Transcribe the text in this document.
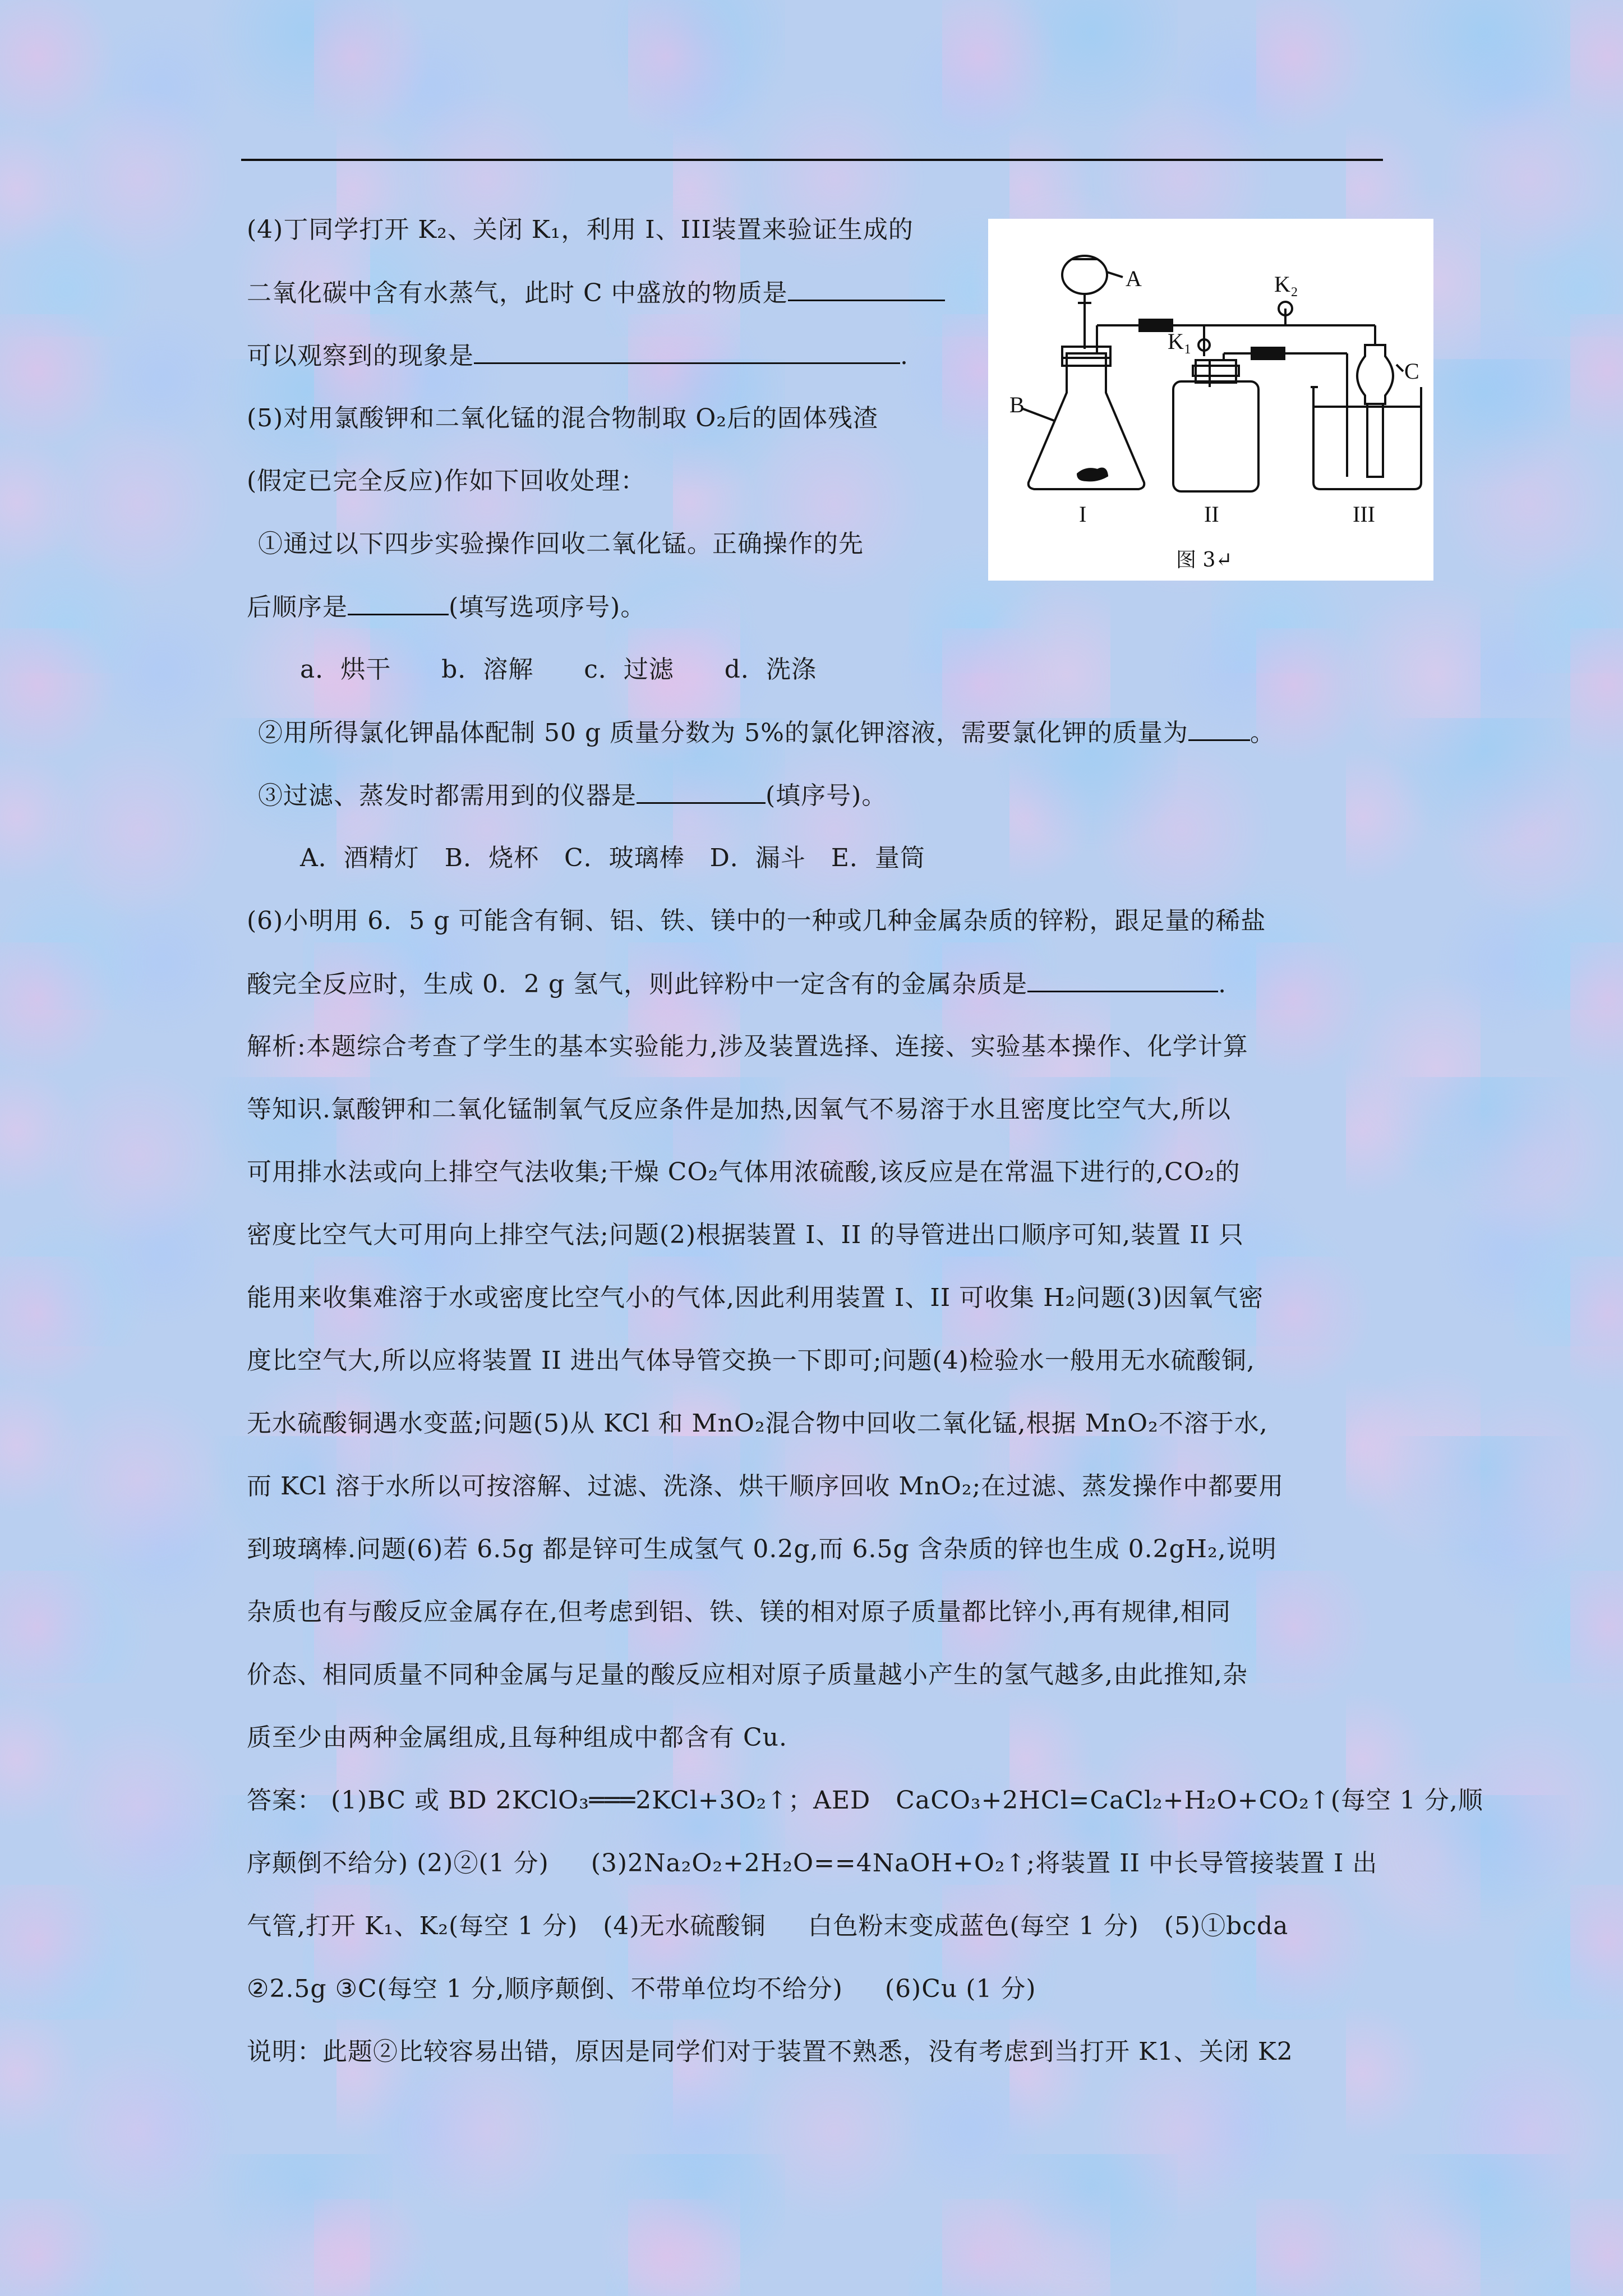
A
B
C
K₁
K₂
I	II	III
图 3↵
(4)丁同学打开 K₂、关闭 K₁，利用 I、III装置来验证生成的
二氧化碳中含有水蒸气，此时 C 中盛放的物质是
可以观察到的现象是	.
(5)对用氯酸钾和二氧化锰的混合物制取 O₂后的固体残渣
(假定已完全反应)作如下回收处理：
①通过以下四步实验操作回收二氧化锰。正确操作的先
后顺序是	(填写选项序号)。
a．烘干      b．溶解      c．过滤      d．洗涤
②用所得氯化钾晶体配制 50 g 质量分数为 5%的氯化钾溶液，需要氯化钾的质量为	。
③过滤、蒸发时都需用到的仪器是	(填序号)。
A．酒精灯   B．烧杯   C．玻璃棒   D．漏斗   E．量筒
(6)小明用 6．5 g 可能含有铜、铝、铁、镁中的一种或几种金属杂质的锌粉，跟足量的稀盐
酸完全反应时，生成 0．2 g 氢气，则此锌粉中一定含有的金属杂质是	.
解析:本题综合考查了学生的基本实验能力,涉及装置选择、连接、实验基本操作、化学计算
等知识.氯酸钾和二氧化锰制氧气反应条件是加热,因氧气不易溶于水且密度比空气大,所以
可用排水法或向上排空气法收集;干燥 CO₂气体用浓硫酸,该反应是在常温下进行的,CO₂的
密度比空气大可用向上排空气法;问题(2)根据装置 I、II 的导管进出口顺序可知,装置 II 只
能用来收集难溶于水或密度比空气小的气体,因此利用装置 I、II 可收集 H₂问题(3)因氧气密
度比空气大,所以应将装置 II 进出气体导管交换一下即可;问题(4)检验水一般用无水硫酸铜,
无水硫酸铜遇水变蓝;问题(5)从 KCl 和 MnO₂混合物中回收二氧化锰,根据 MnO₂不溶于水,
而 KCl 溶于水所以可按溶解、过滤、洗涤、烘干顺序回收 MnO₂;在过滤、蒸发操作中都要用
到玻璃棒.问题(6)若 6.5g 都是锌可生成氢气 0.2g,而 6.5g 含杂质的锌也生成 0.2gH₂,说明
杂质也有与酸反应金属存在,但考虑到铝、铁、镁的相对原子质量都比锌小,再有规律,相同
价态、相同质量不同种金属与足量的酸反应相对原子质量越小产生的氢气越多,由此推知,杂
质至少由两种金属组成,且每种组成中都含有 Cu.
答案： (1)BC 或 BD 2KClO₃═══2KCl+3O₂↑；AED   CaCO₃+2HCl=CaCl₂+H₂O+CO₂↑(每空 1 分,顺
序颠倒不给分) (2)②(1 分)     (3)2Na₂O₂+2H₂O==4NaOH+O₂↑;将装置 II 中长导管接装置 I 出
气管,打开 K₁、K₂(每空 1 分)   (4)无水硫酸铜     白色粉末变成蓝色(每空 1 分)   (5)①bcda
②2.5g ③C(每空 1 分,顺序颠倒、不带单位均不给分)     (6)Cu (1 分)
说明：此题②比较容易出错，原因是同学们对于装置不熟悉，没有考虑到当打开 K1、关闭 K2
